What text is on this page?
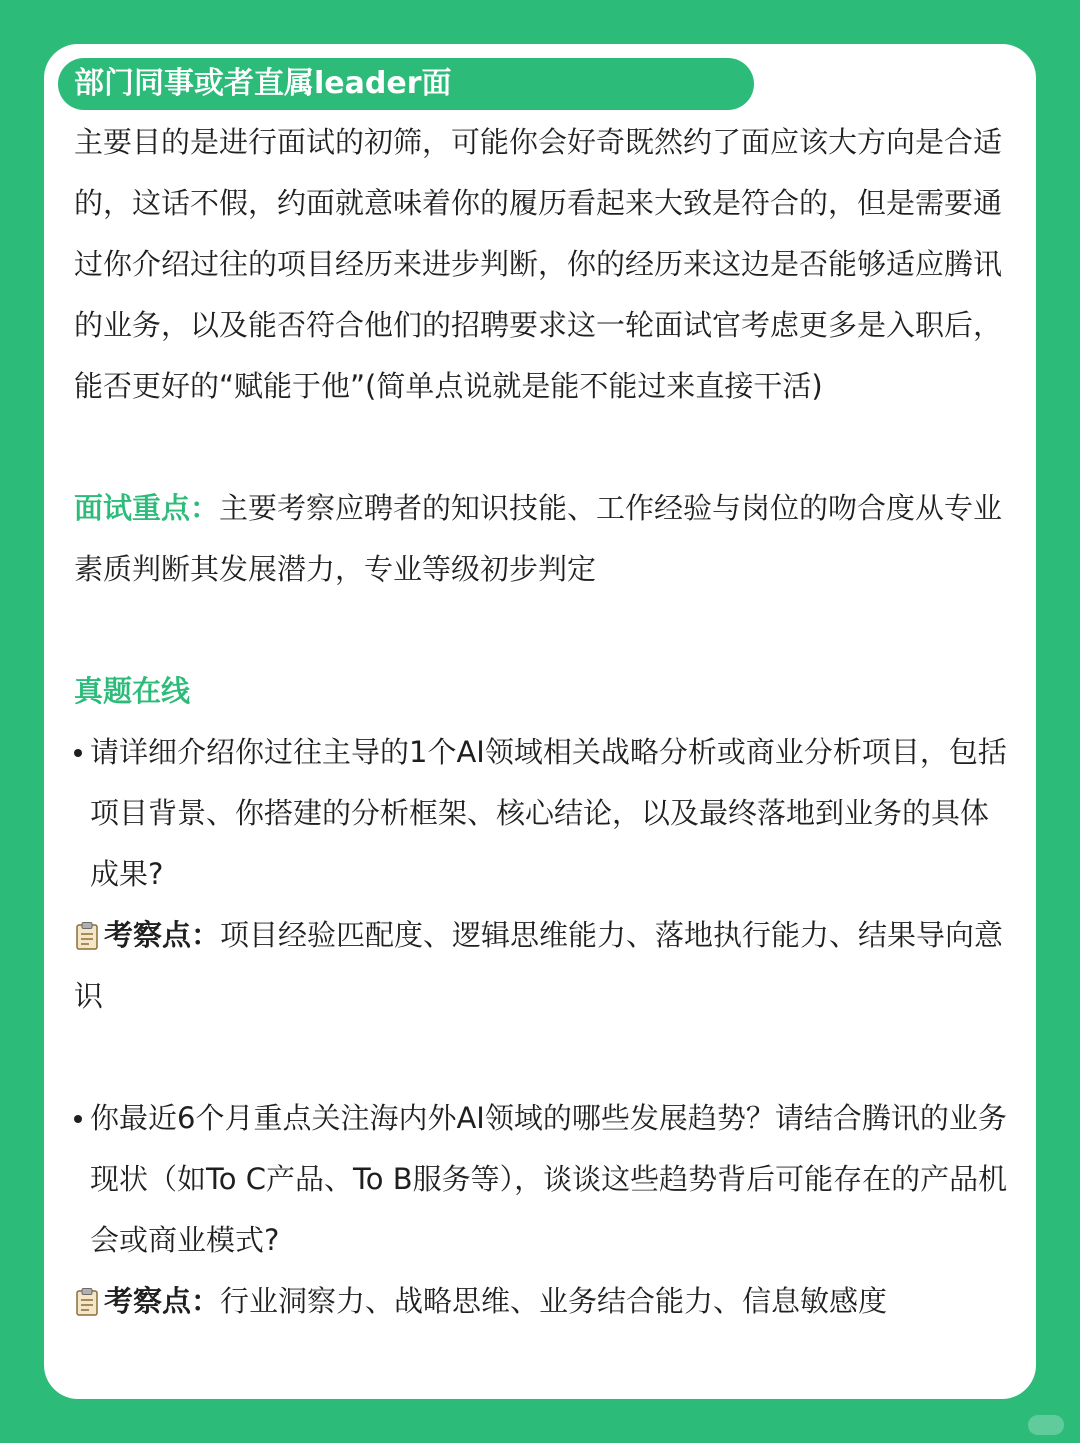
部门同事或者直属leader面

主要目的是进行面试的初筛，可能你会好奇既然约了面应该大方向是合适的，这话不假，约面就意味着你的履历看起来大致是符合的，但是需要通过你介绍过往的项目经历来进步判断，你的经历来这边是否能够适应腾讯的业务，以及能否符合他们的招聘要求这一轮面试官考虑更多是入职后，能否更好的“赋能于他”(简单点说就是能不能过来直接干活)

面试重点：主要考察应聘者的知识技能、工作经验与岗位的吻合度从专业素质判断其发展潜力，专业等级初步判定

真题在线

请详细介绍你过往主导的1个AI领域相关战略分析或商业分析项目，包括项目背景、你搭建的分析框架、核心结论，以及最终落地到业务的具体成果?

考察点：项目经验匹配度、逻辑思维能力、落地执行能力、结果导向意识

你最近6个月重点关注海内外AI领域的哪些发展趋势？请结合腾讯的业务现状（如To C产品、To B服务等），谈谈这些趋势背后可能存在的产品机会或商业模式?

考察点：行业洞察力、战略思维、业务结合能力、信息敏感度
